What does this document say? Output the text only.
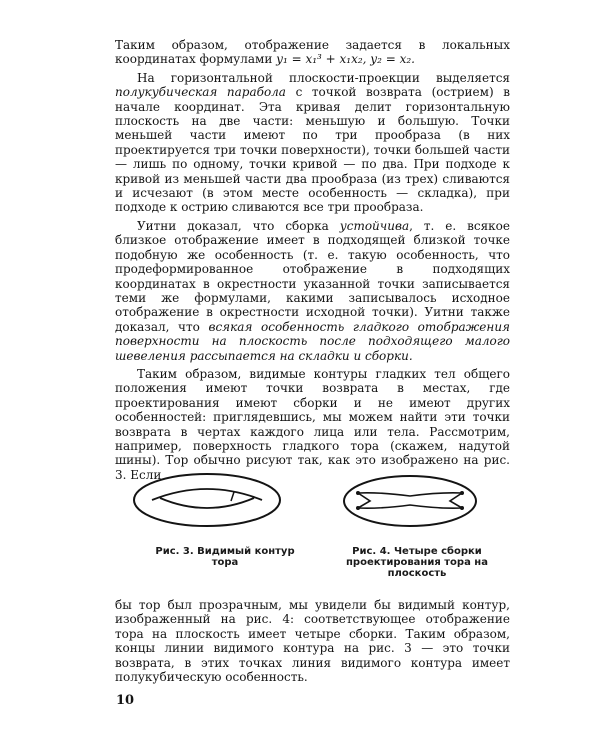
Таким образом, отображение задается в локальных координатах формулами y₁ = x₁³ + x₁x₂, y₂ = x₂.

На горизонтальной плоскости-проекции выделяется полукубическая парабола с точкой возврата (острием) в начале координат. Эта кривая делит горизонтальную плоскость на две части: меньшую и большую. Точки меньшей части имеют по три прообраза (в них проектируется три точки поверхности), точки большей части — лишь по одному, точки кривой — по два. При подходе к кривой из меньшей части два прообраза (из трех) сливаются и исчезают (в этом месте особенность — складка), при подходе к острию сливаются все три прообраза.

Уитни доказал, что сборка устойчива, т. е. всякое близкое отображение имеет в подходящей близкой точке подобную же особенность (т. е. такую особенность, что продеформированное отображение в подходящих координатах в окрестности указанной точки записывается теми же формулами, какими записывалось исходное отображение в окрестности исходной точки). Уитни также доказал, что всякая особенность гладкого отображения поверхности на плоскость после подходящего малого шевеления рассыпается на складки и сборки.

Таким образом, видимые контуры гладких тел общего положения имеют точки возврата в местах, где проектирования имеют сборки и не имеют других особенностей: приглядевшись, мы можем найти эти точки возврата в чертах каждого лица или тела. Рассмотрим, например, поверхность гладкого тора (скажем, надутой шины). Тор обычно рисуют так, как это изображено на рис. 3. Если

Рис. 3. Видимый контур тора
Рис. 4. Четыре сборки проектирования тора на плоскость

бы тор был прозрачным, мы увидели бы видимый контур, изображенный на рис. 4: соответствующее отображение тора на плоскость имеет четыре сборки. Таким образом, концы линии видимого контура на рис. 3 — это точки возврата, в этих точках линия видимого контура имеет полукубическую особенность.

10
